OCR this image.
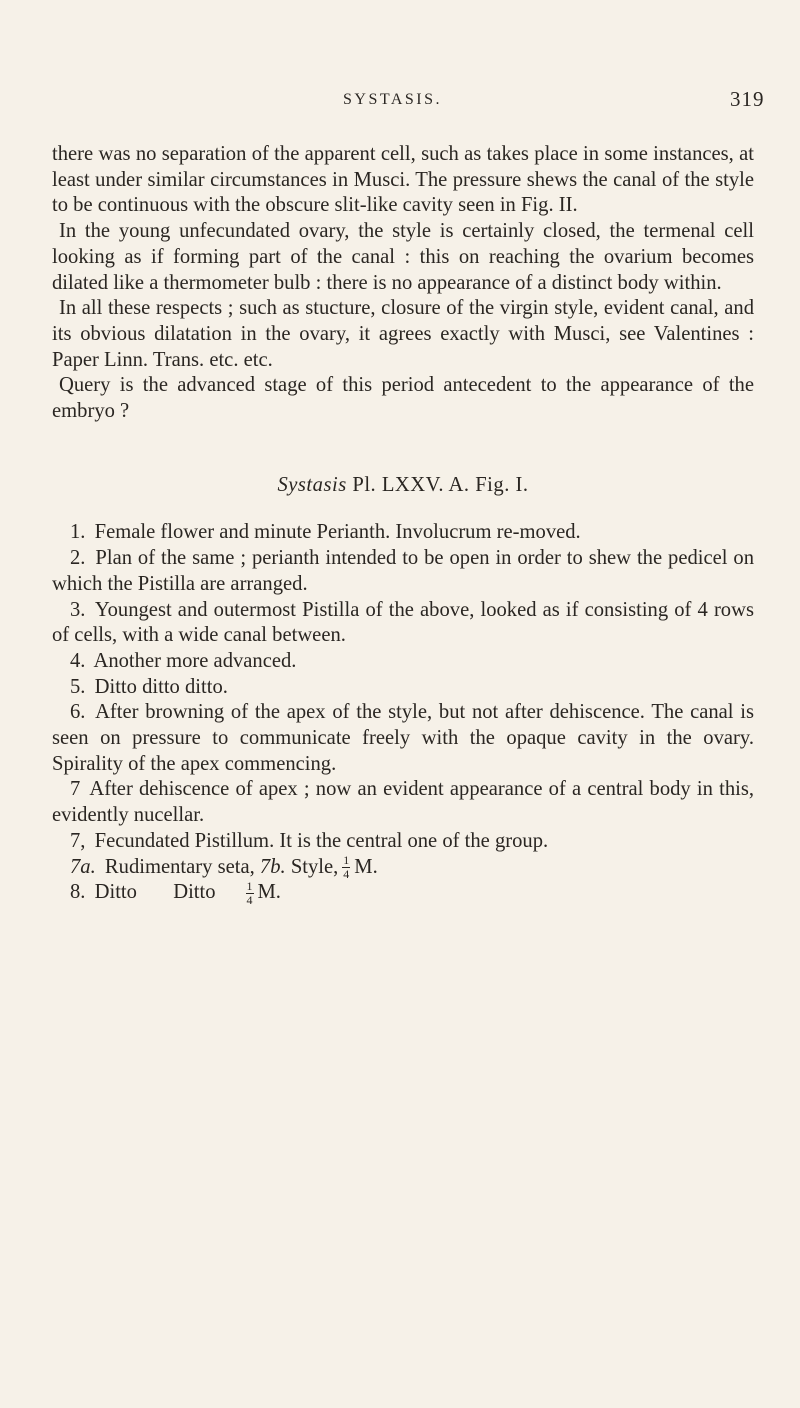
SYSTASIS.	319

there was no separation of the apparent cell, such as takes place in some instances, at least under similar circumstances in Musci. The pressure shews the canal of the style to be continuous with the obscure slit-like cavity seen in Fig. II.

In the young unfecundated ovary, the style is certainly closed, the termenal cell looking as if forming part of the canal : this on reaching the ovarium becomes dilated like a thermometer bulb : there is no appearance of a distinct body within.

In all these respects ; such as stucture, closure of the virgin style, evident canal, and its obvious dilatation in the ovary, it agrees exactly with Musci, see Valentines : Paper Linn. Trans. etc. etc.

Query is the advanced stage of this period antecedent to the appearance of the embryo ?

Systasis Pl. LXXV. A. Fig. I.

1. Female flower and minute Perianth. Involucrum re-moved.

2. Plan of the same ; perianth intended to be open in order to shew the pedicel on which the Pistilla are arranged.

3. Youngest and outermost Pistilla of the above, looked as if consisting of 4 rows of cells, with a wide canal between.

4. Another more advanced.

5. Ditto ditto ditto.

6. After browning of the apex of the style, but not after dehiscence. The canal is seen on pressure to communicate freely with the opaque cavity in the ovary. Spirality of the apex commencing.

7 After dehiscence of apex ; now an evident appearance of a central body in this, evidently nucellar.

7, Fecundated Pistillum. It is the central one of the group.

7a. Rudimentary seta, 7b. Style, $\frac{1}{4} M$.

8. Ditto Ditto $\frac{1}{4} M$.
